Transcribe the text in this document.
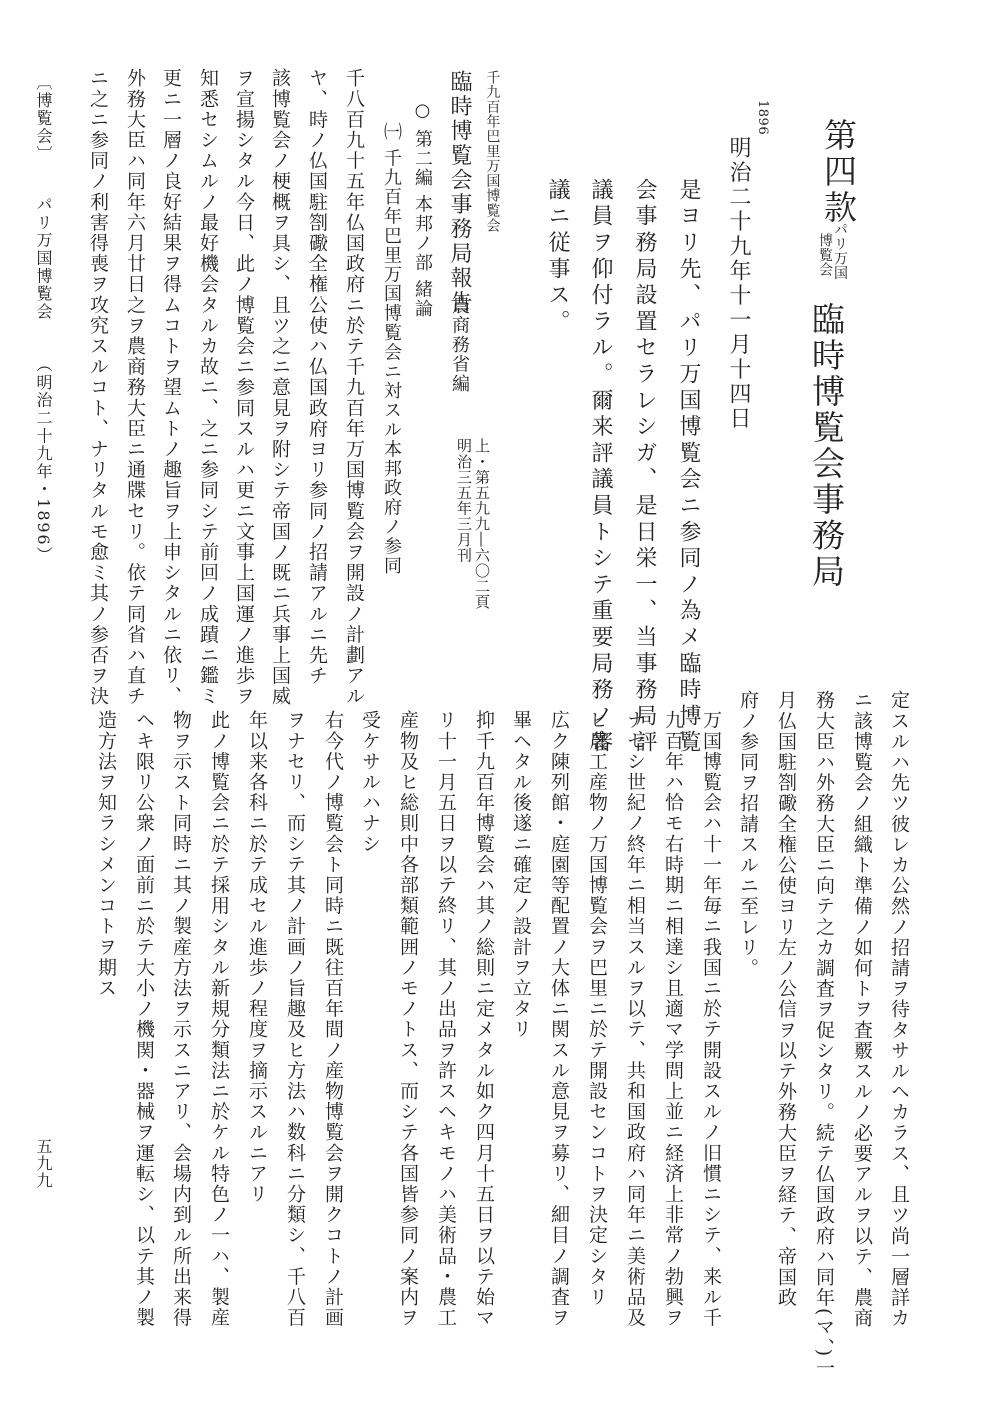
第四款
パリ万国
博覧会
臨時博覧会事務局
1896
明治二十九年十一月十四日
是ヨリ先、パリ万国博覧会ニ参同ノ為メ臨時博覧
会事務局設置セラレシガ、是日栄一、当事務局評
議員ヲ仰付ラル。爾来評議員トシテ重要局務ノ審
議ニ従事ス。
千九百年巴里万国博覧会
臨時博覧会事務局報告
農商務省編
上・第五九九―六〇二頁
明治三五年三月刊
○ 第二編 本邦ノ部 緒論
㈠ 千九百年巴里万国博覧会ニ対スル本邦政府ノ参同
千八百九十五年仏国政府ニ於テ千九百年万国博覧会ヲ開設ノ計劃アル
ヤ、時ノ仏国駐劄礮全権公使ハ仏国政府ヨリ参同ノ招請アルニ先チ
該博覧会ノ梗概ヲ具シ、且ツ之ニ意見ヲ附シテ帝国ノ既ニ兵事上国威
ヲ宣揚シタル今日、此ノ博覧会ニ参同スルハ更ニ文事上国運ノ進歩ヲ
知悉セシムルノ最好機会タルカ故ニ、之ニ参同シテ前回ノ成蹟ニ鑑ミ
更ニ一層ノ良好結果ヲ得ムコトヲ望ムトノ趣旨ヲ上申シタルニ依リ、
外務大臣ハ同年六月廿日之ヲ農商務大臣ニ通牒セリ。依テ同省ハ直チ
ニ之ニ参同ノ利害得喪ヲ攻究スルコト、ナリタルモ愈ミ其ノ参否ヲ決
〔博覧会〕
パリ万国博覧会
（明治二十九年・1896）
定スルハ先ツ彼レカ公然ノ招請ヲ待タサルヘカラス、且ツ尚一層詳カ
ニ該博覧会ノ組織ト準備ノ如何トヲ査覈スルノ必要アルヲ以テ、農商
務大臣ハ外務大臣ニ向テ之カ調査ヲ促シタリ。続テ仏国政府ハ同年(マ、)一
月仏国駐劄礮全権公使ヨリ左ノ公信ヲ以テ外務大臣ヲ経テ、帝国政
府ノ参同ヲ招請スルニ至レリ。
万国博覧会ハ十一年毎ニ我国ニ於テ開設スルノ旧慣ニシテ、来ル千
九百年ハ恰モ右時期ニ相達シ且適マ学問上並ニ経済上非常ノ勃興ヲ
ナセシ世紀ノ終年ニ相当スルヲ以テ、共和国政府ハ同年ニ美術品及
ヒ農工産物ノ万国博覧会ヲ巴里ニ於テ開設センコトヲ決定シタリ
広ク陳列館・庭園等配置ノ大体ニ関スル意見ヲ募リ、細目ノ調査ヲ
畢ヘタル後遂ニ確定ノ設計ヲ立タリ
抑千九百年博覧会ハ其ノ総則ニ定メタル如ク四月十五日ヲ以テ始マ
リ十一月五日ヲ以テ終リ、其ノ出品ヲ許スヘキモノハ美術品・農工
産物及ヒ総則中各部類範囲ノモノトス、而シテ各国皆参同ノ案内ヲ
受ケサルハナシ
右今代ノ博覧会ト同時ニ既往百年間ノ産物博覧会ヲ開クコトノ計画
ヲナセリ、而シテ其ノ計画ノ旨趣及ヒ方法ハ数科ニ分類シ、千八百
年以来各科ニ於テ成セル進歩ノ程度ヲ摘示スルニアリ
此ノ博覧会ニ於テ採用シタル新規分類法ニ於ケル特色ノ一ハ、製産
物ヲ示スト同時ニ其ノ製産方法ヲ示スニアリ、会場内到ル所出来得
ヘキ限リ公衆ノ面前ニ於テ大小ノ機関・器械ヲ運転シ、以テ其ノ製
造方法ヲ知ラシメンコトヲ期ス
五九九
